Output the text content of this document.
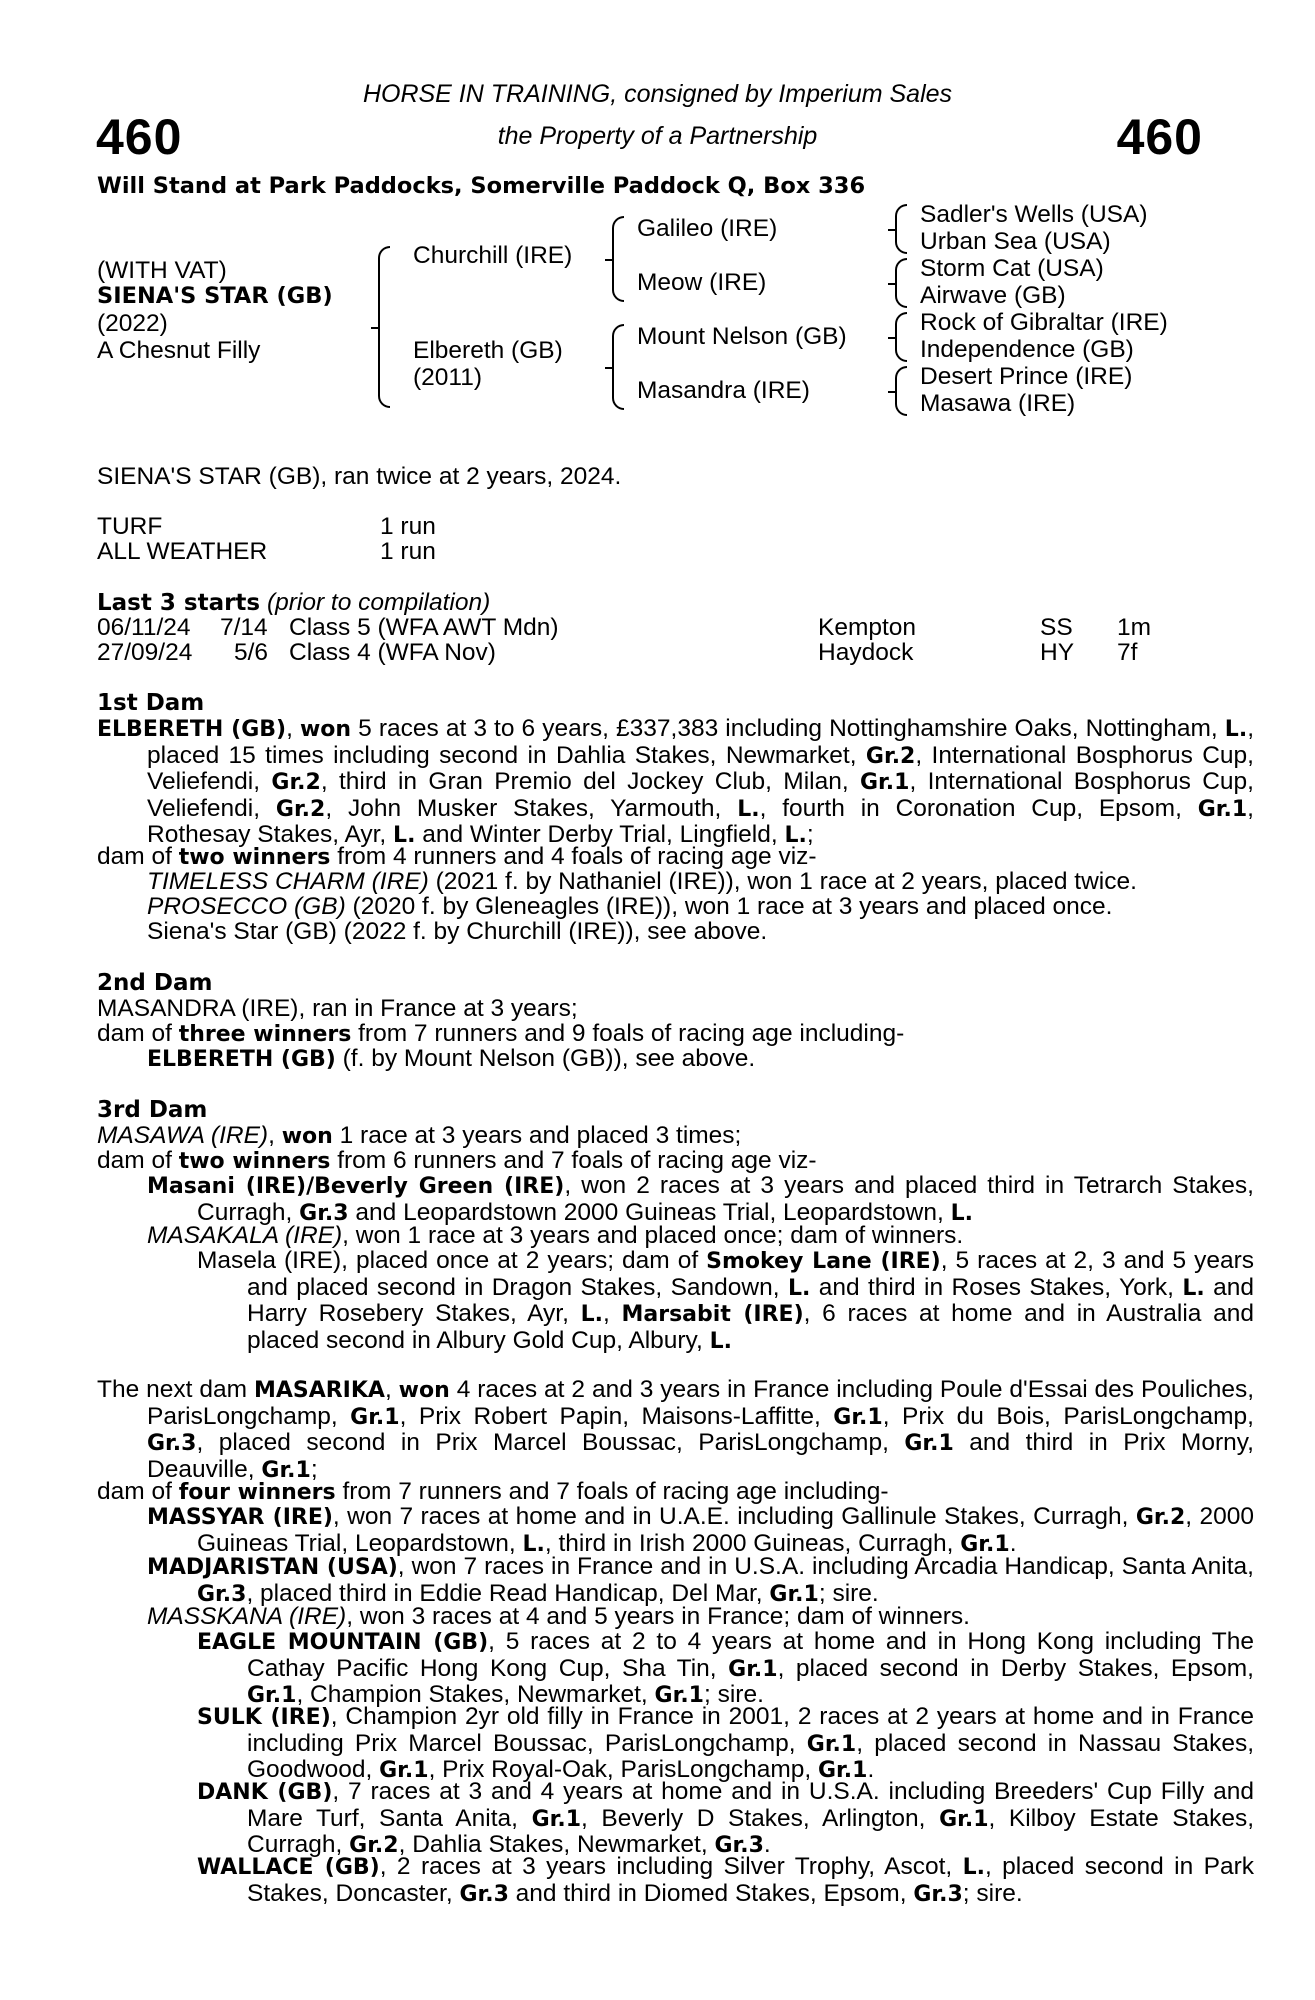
460	460
HORSE IN TRAINING, consigned by Imperium Sales
the Property of a Partnership
Will Stand at Park Paddocks, Somerville Paddock Q, Box 336
(WITH VAT)
SIENA'S STAR (GB)
(2022)
A Chesnut Filly
Churchill (IRE)
Elbereth (GB)
(2011)
Galileo (IRE)
Meow (IRE)
Mount Nelson (GB)
Masandra (IRE)
Sadler's Wells (USA)
Urban Sea (USA)
Storm Cat (USA)
Airwave (GB)
Rock of Gibraltar (IRE)
Independence (GB)
Desert Prince (IRE)
Masawa (IRE)
SIENA'S STAR (GB), ran twice at 2 years, 2024.
TURF	1 run
ALL WEATHER	1 run
Last 3 starts (prior to compilation)
06/11/24 7/14 Class 5 (WFA AWT Mdn)	Kempton	SS 1m
27/09/24 5/6 Class 4 (WFA Nov)	Haydock	HY 7f
1st Dam
ELBERETH (GB), won 5 races at 3 to 6 years, £337,383 including Nottinghamshire Oaks, Nottingham, L., placed 15 times including second in Dahlia Stakes, Newmarket, Gr.2, International Bosphorus Cup, Veliefendi, Gr.2, third in Gran Premio del Jockey Club, Milan, Gr.1, International Bosphorus Cup, Veliefendi, Gr.2, John Musker Stakes, Yarmouth, L., fourth in Coronation Cup, Epsom, Gr.1, Rothesay Stakes, Ayr, L. and Winter Derby Trial, Lingfield, L.;
dam of two winners from 4 runners and 4 foals of racing age viz-
TIMELESS CHARM (IRE) (2021 f. by Nathaniel (IRE)), won 1 race at 2 years, placed twice.
PROSECCO (GB) (2020 f. by Gleneagles (IRE)), won 1 race at 3 years and placed once.
Siena's Star (GB) (2022 f. by Churchill (IRE)), see above.
2nd Dam
MASANDRA (IRE), ran in France at 3 years;
dam of three winners from 7 runners and 9 foals of racing age including-
ELBERETH (GB) (f. by Mount Nelson (GB)), see above.
3rd Dam
MASAWA (IRE), won 1 race at 3 years and placed 3 times;
dam of two winners from 6 runners and 7 foals of racing age viz-
Masani (IRE)/Beverly Green (IRE), won 2 races at 3 years and placed third in Tetrarch Stakes, Curragh, Gr.3 and Leopardstown 2000 Guineas Trial, Leopardstown, L.
MASAKALA (IRE), won 1 race at 3 years and placed once; dam of winners.
Masela (IRE), placed once at 2 years; dam of Smokey Lane (IRE), 5 races at 2, 3 and 5 years and placed second in Dragon Stakes, Sandown, L. and third in Roses Stakes, York, L. and Harry Rosebery Stakes, Ayr, L., Marsabit (IRE), 6 races at home and in Australia and placed second in Albury Gold Cup, Albury, L.
The next dam MASARIKA, won 4 races at 2 and 3 years in France including Poule d'Essai des Pouliches, ParisLongchamp, Gr.1, Prix Robert Papin, Maisons-Laffitte, Gr.1, Prix du Bois, ParisLongchamp, Gr.3, placed second in Prix Marcel Boussac, ParisLongchamp, Gr.1 and third in Prix Morny, Deauville, Gr.1;
dam of four winners from 7 runners and 7 foals of racing age including-
MASSYAR (IRE), won 7 races at home and in U.A.E. including Gallinule Stakes, Curragh, Gr.2, 2000 Guineas Trial, Leopardstown, L., third in Irish 2000 Guineas, Curragh, Gr.1.
MADJARISTAN (USA), won 7 races in France and in U.S.A. including Arcadia Handicap, Santa Anita, Gr.3, placed third in Eddie Read Handicap, Del Mar, Gr.1; sire.
MASSKANA (IRE), won 3 races at 4 and 5 years in France; dam of winners.
EAGLE MOUNTAIN (GB), 5 races at 2 to 4 years at home and in Hong Kong including The Cathay Pacific Hong Kong Cup, Sha Tin, Gr.1, placed second in Derby Stakes, Epsom, Gr.1, Champion Stakes, Newmarket, Gr.1; sire.
SULK (IRE), Champion 2yr old filly in France in 2001, 2 races at 2 years at home and in France including Prix Marcel Boussac, ParisLongchamp, Gr.1, placed second in Nassau Stakes, Goodwood, Gr.1, Prix Royal-Oak, ParisLongchamp, Gr.1.
DANK (GB), 7 races at 3 and 4 years at home and in U.S.A. including Breeders' Cup Filly and Mare Turf, Santa Anita, Gr.1, Beverly D Stakes, Arlington, Gr.1, Kilboy Estate Stakes, Curragh, Gr.2, Dahlia Stakes, Newmarket, Gr.3.
WALLACE (GB), 2 races at 3 years including Silver Trophy, Ascot, L., placed second in Park Stakes, Doncaster, Gr.3 and third in Diomed Stakes, Epsom, Gr.3; sire.
